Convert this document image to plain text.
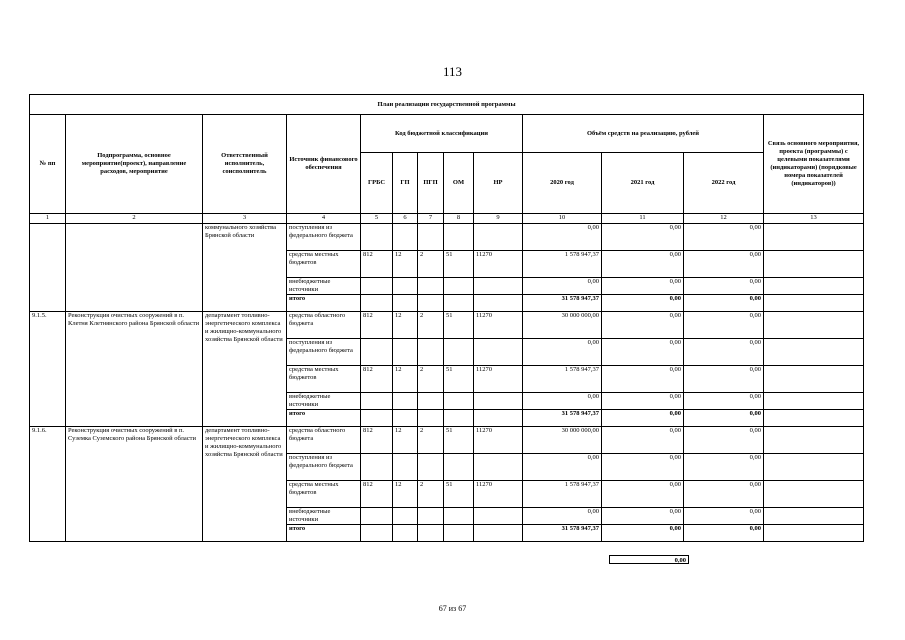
113
План реализации государственной программы												
№ пп	Подпрограмма, основное мероприятие(проект), направление расходов, мероприятие	Ответственный исполнитель, соисполнитель	Источник финансового обеспечения	Код бюджетной классификации					Объём средств на реализацию, рублей			Связь основного мероприятия, проекта (программы) с целевыми показателями (индикаторами) (порядковые номера показателей (индикаторов))
				ГРБС	ГП	ПГП	ОМ	НР	2020 год	2021 год	2022 год	
1	2	3	4	5	6	7	8	9	10	11	12	13
		коммунального хозяйства Брянской области	поступления из федерального бюджета						0,00	0,00	0,00	
			средства местных бюджетов	812	12	2	51	11270	1 578 947,37	0,00	0,00	
			внебюджетные источники						0,00	0,00	0,00	
			итого						31 578 947,37	0,00	0,00	
9.1.5.	Реконструкция очистных сооружений в п. Клетня Клетнянского района Брянской области	департамент топливно-энергетического комплекса и жилищно-коммунального хозяйства Брянской области	средства областного бюджета	812	12	2	51	11270	30 000 000,00	0,00	0,00	
			поступления из федерального бюджета						0,00	0,00	0,00	
			средства местных бюджетов	812	12	2	51	11270	1 578 947,37	0,00	0,00	
			внебюджетные источники						0,00	0,00	0,00	
			итого						31 578 947,37	0,00	0,00	
9.1.6.	Реконструкция очистных сооружений в п. Суземка Суземского района Брянской области	департамент топливно-энергетического комплекса и жилищно-коммунального хозяйства Брянской области	средства областного бюджета	812	12	2	51	11270	30 000 000,00	0,00	0,00	
			поступления из федерального бюджета						0,00	0,00	0,00	
			средства местных бюджетов	812	12	2	51	11270	1 578 947,37	0,00	0,00	
			внебюджетные источники						0,00	0,00	0,00	
			итого						31 578 947,37	0,00	0,00	
0,00
67 из 67
